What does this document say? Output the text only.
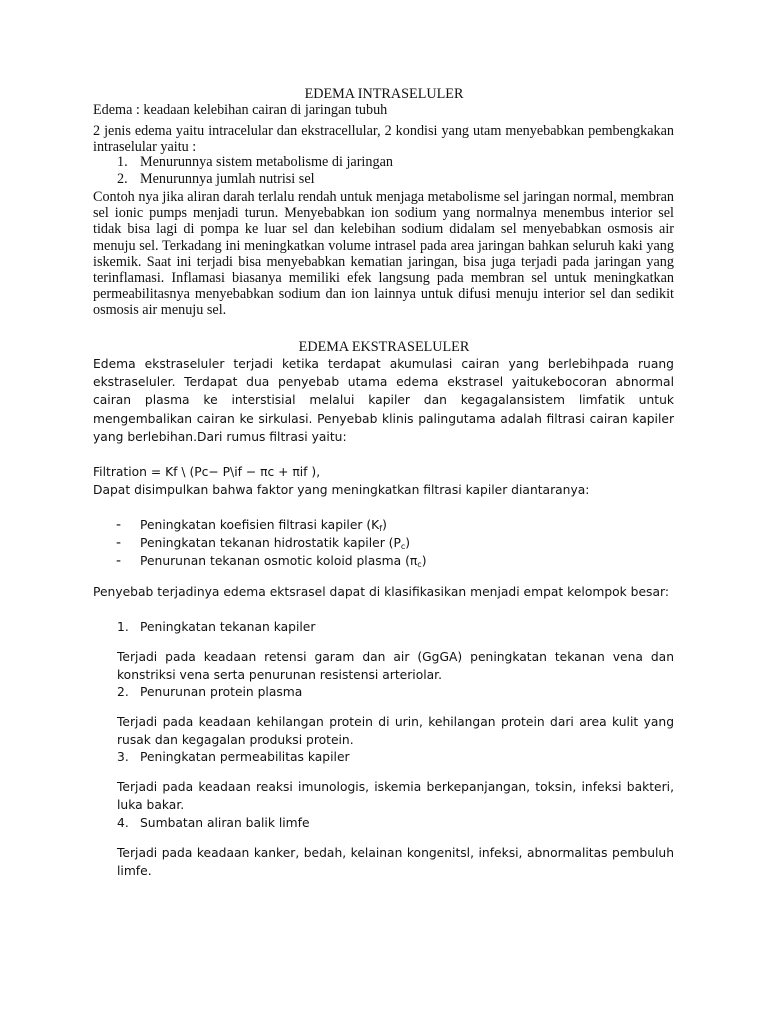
EDEMA INTRASELULER
Edema : keadaan kelebihan cairan di jaringan tubuh
2 jenis edema yaitu intracelular dan ekstracellular, 2 kondisi yang utam menyebabkan pembengkakan intraselular yaitu :
1. Menurunnya sistem metabolisme di jaringan
2. Menurunnya jumlah nutrisi sel
Contoh nya jika aliran darah terlalu rendah untuk menjaga metabolisme sel jaringan normal, membran sel ionic pumps menjadi turun. Menyebabkan ion sodium yang normalnya menembus interior sel tidak bisa lagi di pompa ke luar sel dan kelebihan sodium didalam sel menyebabkan osmosis air menuju sel. Terkadang ini meningkatkan volume intrasel pada area jaringan bahkan seluruh kaki yang iskemik. Saat ini terjadi bisa menyebabkan kematian jaringan, bisa juga terjadi pada jaringan yang terinflamasi. Inflamasi biasanya memiliki efek langsung pada membran sel untuk meningkatkan permeabilitasnya menyebabkan sodium dan ion lainnya untuk difusi menuju interior sel dan sedikit osmosis air menuju sel.
EDEMA EKSTRASELULER
Edema ekstraseluler terjadi ketika terdapat akumulasi cairan yang berlebihpada ruang ekstraseluler. Terdapat dua penyebab utama edema ekstrasel yaitukebocoran abnormal cairan plasma ke interstisial melalui kapiler dan kegagalansistem limfatik untuk mengembalikan cairan ke sirkulasi. Penyebab klinis palingutama adalah filtrasi cairan kapiler yang berlebihan.Dari rumus filtrasi yaitu:
Filtration = Kf \ (Pc− P\if − πc + πif ),
Dapat disimpulkan bahwa faktor yang meningkatkan filtrasi kapiler diantaranya:
- Peningkatan koefisien filtrasi kapiler $(K_f)$
- Peningkatan tekanan hidrostatik kapiler $(P_c)$
- Penurunan tekanan osmotic koloid plasma $(\pi_c)$
Penyebab terjadinya edema ektsrasel dapat di klasifikasikan menjadi empat kelompok besar:
1. Peningkatan tekanan kapiler
Terjadi pada keadaan retensi garam dan air (GgGA) peningkatan tekanan vena dan konstriksi vena serta penurunan resistensi arteriolar.
2. Penurunan protein plasma
Terjadi pada keadaan kehilangan protein di urin, kehilangan protein dari area kulit yang rusak dan kegagalan produksi protein.
3. Peningkatan permeabilitas kapiler
Terjadi pada keadaan reaksi imunologis, iskemia berkepanjangan, toksin, infeksi bakteri, luka bakar.
4. Sumbatan aliran balik limfe
Terjadi pada keadaan kanker, bedah, kelainan kongenitsl, infeksi, abnormalitas pembuluh limfe.
